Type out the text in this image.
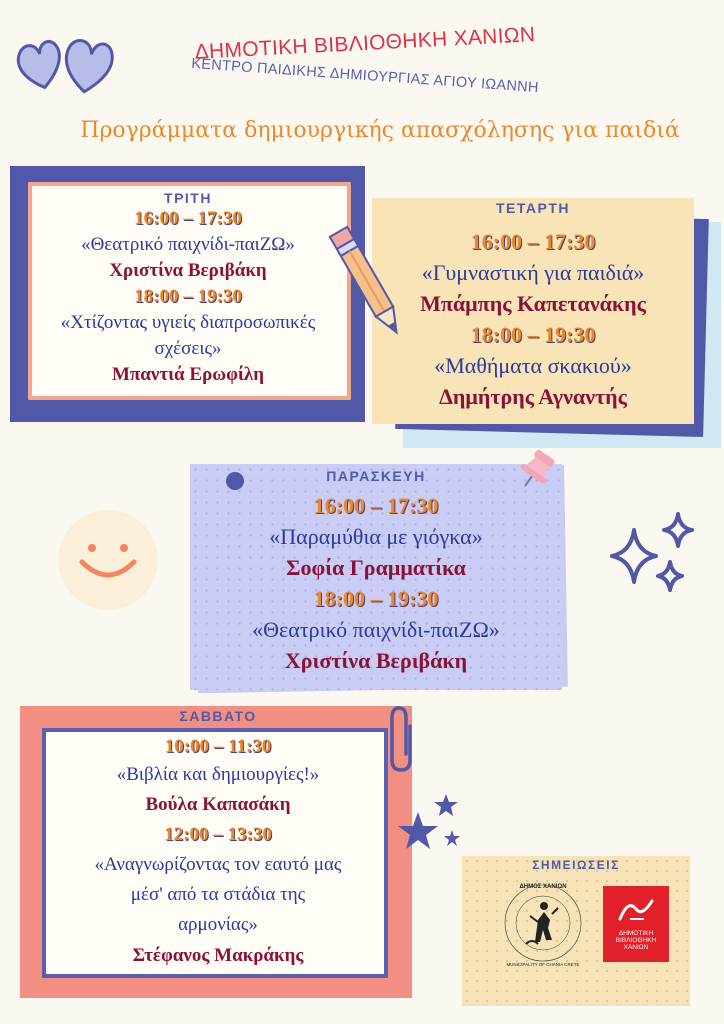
ΔΗΜΟΤΙΚΗ ΒΙΒΛΙΟΘΗΚΗ ΧΑΝΙΩΝ
ΚΕΝΤΡΟ ΠΑΙΔΙΚΗΣ ΔΗΜΙΟΥΡΓΙΑΣ ΑΓΙΟΥ ΙΩΑΝΝΗ
Προγράμματα δημιουργικής απασχόλησης για παιδιά
ΤΡΙΤΗ
16:00 – 17:30
«Θεατρικό παιχνίδι-παιΖΩ»
Χριστίνα Βεριβάκη
18:00 – 19:30
«Χτίζοντας υγιείς διαπροσωπικές
σχέσεις»
Μπαντιά Ερωφίλη
ΤΕΤΑΡΤΗ
16:00 – 17:30
«Γυμναστική για παιδιά»
Μπάμπης Καπετανάκης
18:00 – 19:30
«Μαθήματα σκακιού»
Δημήτρης Αγναντής
ΠΑΡΑΣΚΕΥΗ
16:00 – 17:30
«Παραμύθια με γιόγκα»
Σοφία Γραμματίκα
18:00 – 19:30
«Θεατρικό παιχνίδι-παιΖΩ»
Χριστίνα Βεριβάκη
ΣΑΒΒΑΤΟ
10:00 – 11:30
«Βιβλία και δημιουργίες!»
Βούλα Καπασάκη
12:00 – 13:30
«Αναγνωρίζοντας τον εαυτό μας
μέσ' από τα στάδια της
αρμονίας»
Στέφανος Μακράκης
ΣΗΜΕΙΩΣΕΙΣ
ΔΗΜΟΣ ΧΑΝΙΩΝ
MUNICIPALITY OF CHANIA CRETE
ΔΗΜΟΤΙΚΗ
ΒΙΒΛΙΟΘΗΚΗ
ΧΑΝΙΩΝ
